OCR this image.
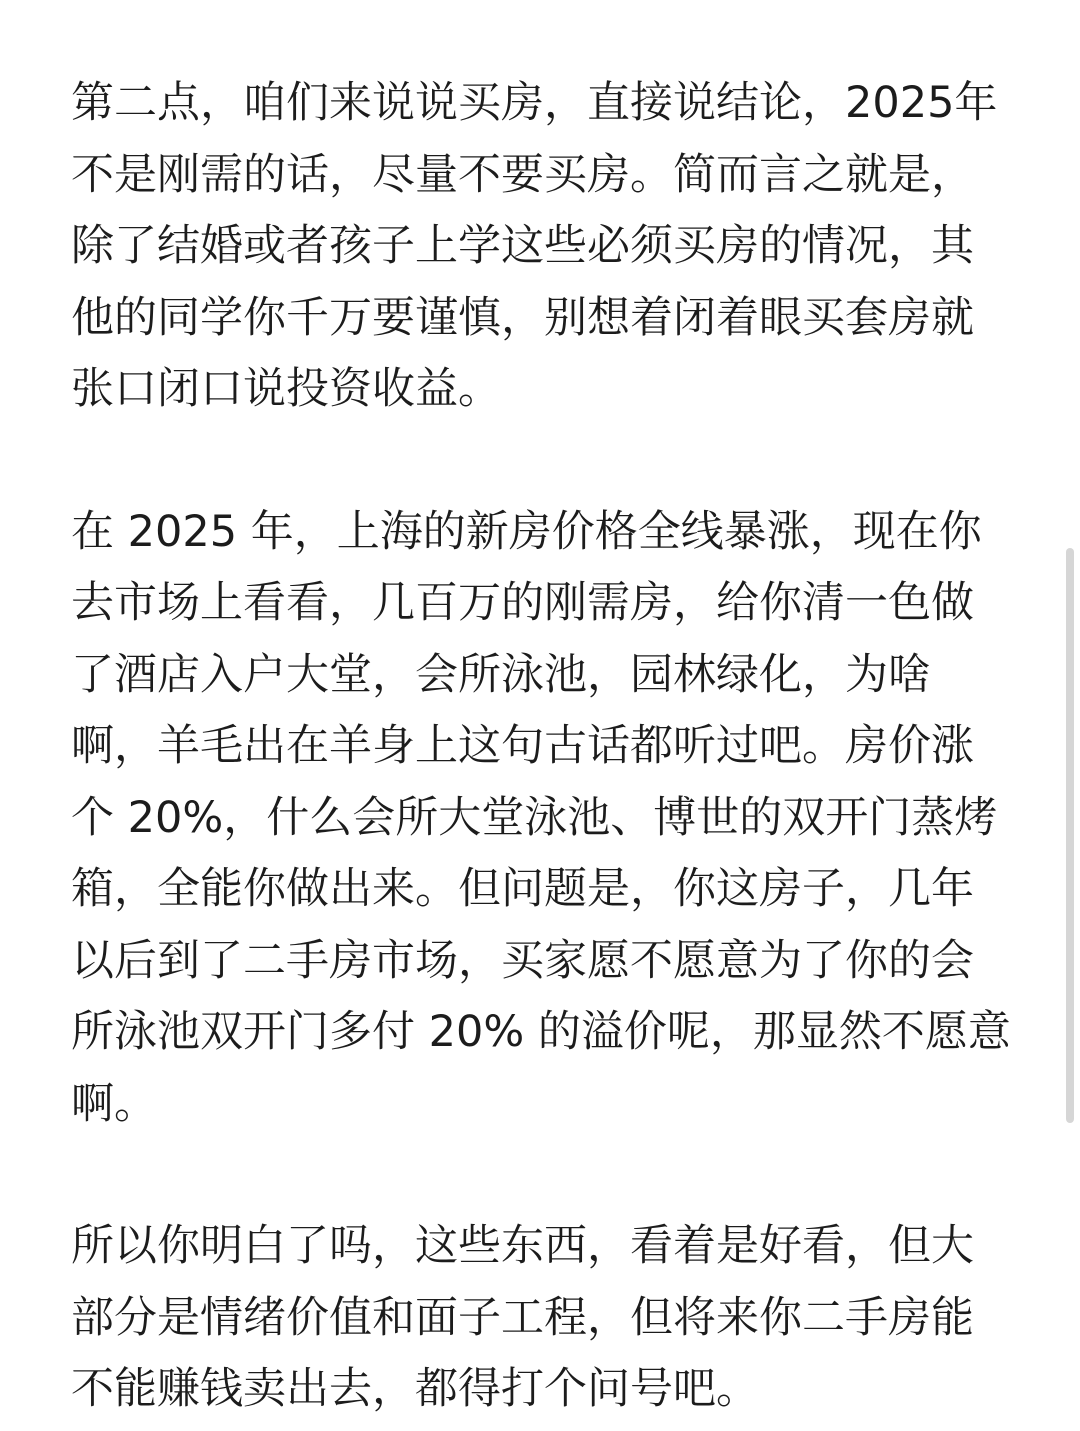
第二点，咱们来说说买房，直接说结论，2025年不是刚需的话，尽量不要买房。简而言之就是，除了结婚或者孩子上学这些必须买房的情况，其他的同学你千万要谨慎，别想着闭着眼买套房就张口闭口说投资收益。

在 2025 年，上海的新房价格全线暴涨，现在你去市场上看看，几百万的刚需房，给你清一色做了酒店入户大堂，会所泳池，园林绿化，为啥啊，羊毛出在羊身上这句古话都听过吧。房价涨个 20%，什么会所大堂泳池、博世的双开门蒸烤箱，全能你做出来。但问题是，你这房子，几年以后到了二手房市场，买家愿不愿意为了你的会所泳池双开门多付 20% 的溢价呢，那显然不愿意啊。

所以你明白了吗，这些东西，看着是好看，但大部分是情绪价值和面子工程，但将来你二手房能不能赚钱卖出去，都得打个问号吧。
